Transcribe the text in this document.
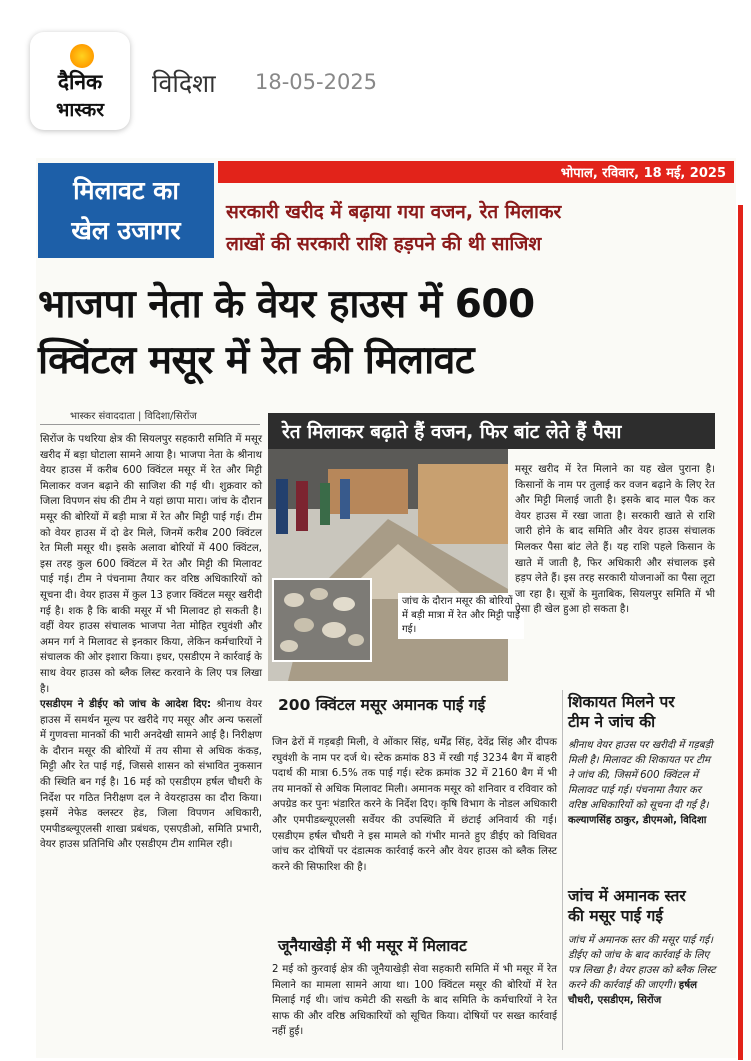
दैनिक
भास्कर
विदिशा 18-05-2025
भोपाल, रविवार, 18 मई, 2025
मिलावट का
खेल उजागर
सरकारी खरीद में बढ़ाया गया वजन, रेत मिलाकर
लाखों की सरकारी राशि हड़पने की थी साजिश
भाजपा नेता के वेयर हाउस में 600
क्विंटल मसूर में रेत की मिलावट
भास्कर संवाददाता | विदिशा/सिरोंज
सिरोंज के पथरिया क्षेत्र की सियलपुर सहकारी समिति में मसूर खरीद में बड़ा घोटाला सामने आया है। भाजपा नेता के श्रीनाथ वेयर हाउस में करीब 600 क्विंटल मसूर में रेत और मिट्टी मिलाकर वजन बढ़ाने की साजिश की गई थी। शुक्रवार को जिला विपणन संघ की टीम ने यहां छापा मारा। जांच के दौरान मसूर की बोरियों में बड़ी मात्रा में रेत और मिट्टी पाई गई। टीम को वेयर हाउस में दो ढेर मिले, जिनमें करीब 200 क्विंटल रेत मिली मसूर थी। इसके अलावा बोरियों में 400 क्विंटल, इस तरह कुल 600 क्विंटल में रेत और मिट्टी की मिलावट पाई गई। टीम ने पंचनामा तैयार कर वरिष्ठ अधिकारियों को सूचना दी। वेयर हाउस में कुल 13 हजार क्विंटल मसूर खरीदी गई है। शक है कि बाकी मसूर में भी मिलावट हो सकती है। वहीं वेयर हाउस संचालक भाजपा नेता मोहित रघुवंशी और अमन गर्ग ने मिलावट से इनकार किया, लेकिन कर्मचारियों ने संचालक की ओर इशारा किया। इधर, एसडीएम ने कार्रवाई के साथ वेयर हाउस को ब्लैक लिस्ट करवाने के लिए पत्र लिखा है।
एसडीएम ने डीईए को जांच के आदेश दिए: श्रीनाथ वेयर हाउस में समर्थन मूल्य पर खरीदे गए मसूर और अन्य फसलों में गुणवत्ता मानकों की भारी अनदेखी सामने आई है। निरीक्षण के दौरान मसूर की बोरियों में तय सीमा से अधिक कंकड़, मिट्टी और रेत पाई गई, जिससे शासन को संभावित नुकसान की स्थिति बन गई है। 16 मई को एसडीएम हर्षल चौधरी के निर्देश पर गठित निरीक्षण दल ने वेयरहाउस का दौरा किया। इसमें नेफेड क्लस्टर हेड, जिला विपणन अधिकारी, एमपीडब्ल्यूएलसी शाखा प्रबंधक, एसएडीओ, समिति प्रभारी, वेयर हाउस प्रतिनिधि और एसडीएम टीम शामिल रही।
रेत मिलाकर बढ़ाते हैं वजन, फिर बांट लेते हैं पैसा
जांच के दौरान मसूर की बोरियों में बड़ी मात्रा में रेत और मिट्टी पाई गई।
मसूर खरीद में रेत मिलाने का यह खेल पुराना है। किसानों के नाम पर तुलाई कर वजन बढ़ाने के लिए रेत और मिट्टी मिलाई जाती है। इसके बाद माल पैक कर वेयर हाउस में रखा जाता है। सरकारी खाते से राशि जारी होने के बाद समिति और वेयर हाउस संचालक मिलकर पैसा बांट लेते हैं। यह राशि पहले किसान के खाते में जाती है, फिर अधिकारी और संचालक इसे हड़प लेते हैं। इस तरह सरकारी योजनाओं का पैसा लूटा जा रहा है। सूत्रों के मुताबिक, सियलपुर समिति में भी ऐसा ही खेल हुआ हो सकता है।
200 क्विंटल मसूर अमानक पाई गई
जिन ढेरों में गड़बड़ी मिली, वे ओंकार सिंह, धर्मेंद्र सिंह, देवेंद्र सिंह और दीपक रघुवंशी के नाम पर दर्ज थे। स्टेक क्रमांक 83 में रखी गई 3234 बैग में बाहरी पदार्थ की मात्रा 6.5% तक पाई गई। स्टेक क्रमांक 32 में 2160 बैग में भी तय मानकों से अधिक मिलावट मिली। अमानक मसूर को शनिवार व रविवार को अपग्रेड कर पुनः भंडारित करने के निर्देश दिए। कृषि विभाग के नोडल अधिकारी और एमपीडब्ल्यूएलसी सर्वेयर की उपस्थिति में छंटाई अनिवार्य की गई। एसडीएम हर्षल चौधरी ने इस मामले को गंभीर मानते हुए डीईए को विधिवत जांच कर दोषियों पर दंडात्मक कार्रवाई करने और वेयर हाउस को ब्लैक लिस्ट करने की सिफारिश की है।
जूनैयाखेड़ी में भी मसूर में मिलावट
2 मई को कुरवाई क्षेत्र की जूनैयाखेड़ी सेवा सहकारी समिति में भी मसूर में रेत मिलाने का मामला सामने आया था। 100 क्विंटल मसूर की बोरियों में रेत मिलाई गई थी। जांच कमेटी की सख्ती के बाद समिति के कर्मचारियों ने रेत साफ की और वरिष्ठ अधिकारियों को सूचित किया। दोषियों पर सख्त कार्रवाई नहीं हुई।
शिकायत मिलने पर
टीम ने जांच की
श्रीनाथ वेयर हाउस पर खरीदी में गड़बड़ी मिली है। मिलावट की शिकायत पर टीम ने जांच की, जिसमें 600 क्विंटल में मिलावट पाई गई। पंचनामा तैयार कर वरिष्ठ अधिकारियों को सूचना दी गई है। कल्याणसिंह ठाकुर, डीएमओ, विदिशा
जांच में अमानक स्तर
की मसूर पाई गई
जांच में अमानक स्तर की मसूर पाई गई। डीईए को जांच के बाद कार्रवाई के लिए पत्र लिखा है। वेयर हाउस को ब्लैक लिस्ट करने की कार्रवाई की जाएगी। हर्षल चौधरी, एसडीएम, सिरोंज
